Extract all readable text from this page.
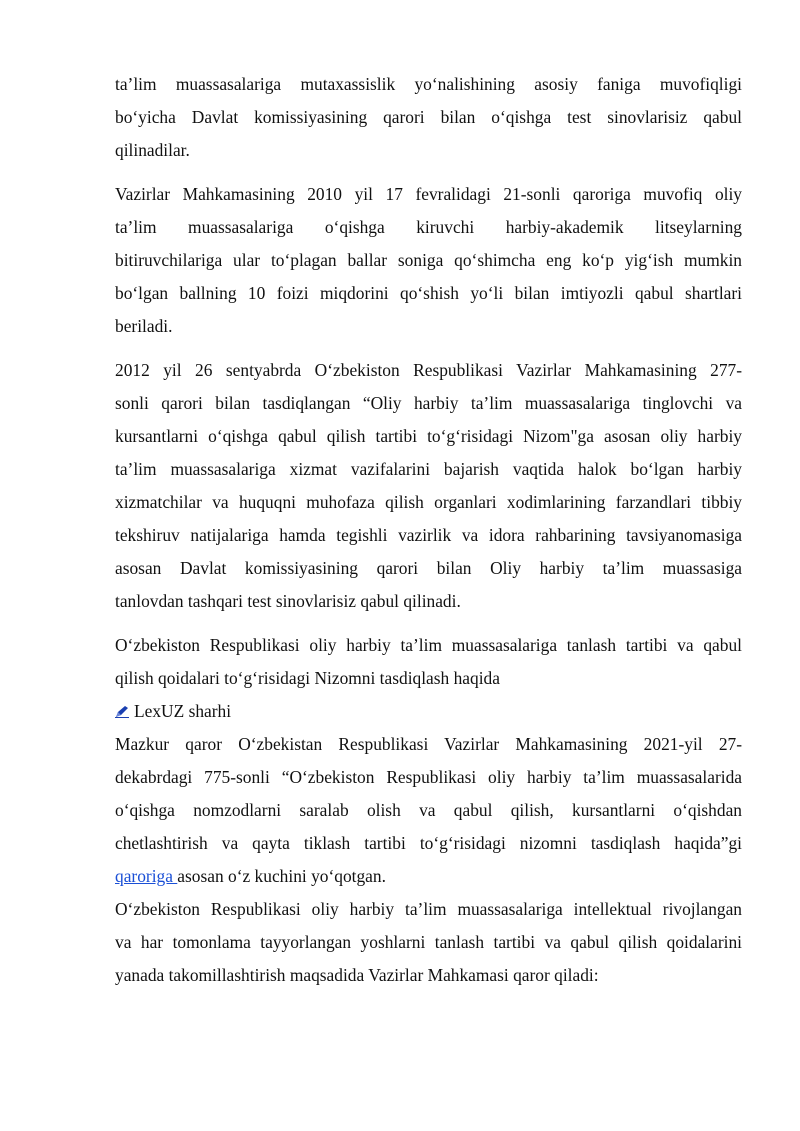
ta’lim muassasalariga mutaxassislik yo‘nalishining asosiy faniga muvofiqligi
bo‘yicha Davlat komissiyasining qarori bilan o‘qishga test sinovlarisiz qabul
qilinadilar.
Vazirlar Mahkamasining 2010 yil 17 fevralidagi 21-sonli qaroriga muvofiq oliy
ta’lim muassasalariga o‘qishga kiruvchi harbiy-akademik litseylarning
bitiruvchilariga ular to‘plagan ballar soniga qo‘shimcha eng ko‘p yig‘ish mumkin
bo‘lgan ballning 10 foizi miqdorini qo‘shish yo‘li bilan imtiyozli qabul shartlari
beriladi.
2012 yil 26 sentyabrda O‘zbekiston Respublikasi Vazirlar Mahkamasining 277-
sonli qarori bilan tasdiqlangan “Oliy harbiy ta’lim muassasalariga tinglovchi va
kursantlarni o‘qishga qabul qilish tartibi to‘g‘risidagi Nizom"ga asosan oliy harbiy
ta’lim muassasalariga xizmat vazifalarini bajarish vaqtida halok bo‘lgan harbiy
xizmatchilar va huquqni muhofaza qilish organlari xodimlarining farzandlari tibbiy
tekshiruv natijalariga hamda tegishli vazirlik va idora rahbarining tavsiyanomasiga
asosan Davlat komissiyasining qarori bilan Oliy harbiy ta’lim muassasiga
tanlovdan tashqari test sinovlarisiz qabul qilinadi.
O‘zbekiston Respublikasi oliy harbiy ta’lim muassasalariga tanlash tartibi va qabul
qilish qoidalari to‘g‘risidagi Nizomni tasdiqlash haqida
LexUZ sharhi
Mazkur qaror O‘zbekistan Respublikasi Vazirlar Mahkamasining 2021-yil 27-
dekabrdagi 775-sonli “O‘zbekiston Respublikasi oliy harbiy ta’lim muassasalarida
o‘qishga nomzodlarni saralab olish va qabul qilish, kursantlarni o‘qishdan
chetlashtirish va qayta tiklash tartibi to‘g‘risidagi nizomni tasdiqlash haqida”gi
qaroriga asosan o‘z kuchini yo‘qotgan.
O‘zbekiston Respublikasi oliy harbiy ta’lim muassasalariga intellektual rivojlangan
va har tomonlama tayyorlangan yoshlarni tanlash tartibi va qabul qilish qoidalarini
yanada takomillashtirish maqsadida Vazirlar Mahkamasi qaror qiladi:
